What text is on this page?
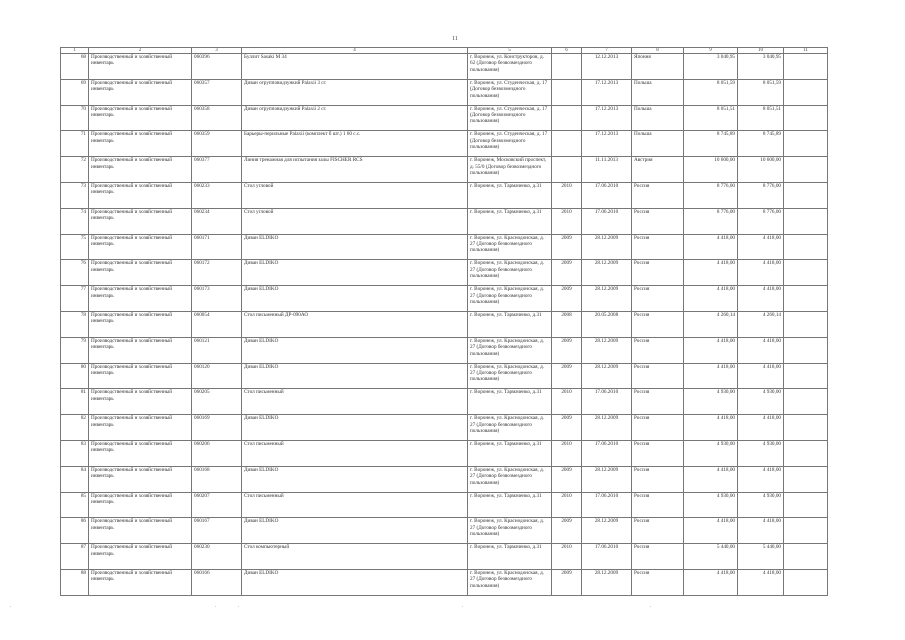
11
1	2	3	4	5	6	7	8	9	10	11
68	Производственный и хозяйственный инвентарь	060396	Буллит Sasaki M 34	г. Воронеж, ул. Конструкторов, д. 62 (Договор безвозмездного пользования)		12.12.2013	Япония	3 040,95	3 040,95	
69	Производственный и хозяйственный инвентарь	060357	Диван огрупповидзункий Palaxii 3 сг.	г. Воронеж, ул. Студенческая, д. 17 (Договор безвозмездного пользования)		17.12.2013	Польша	8 051,59	8 051,59	
70	Производственный и хозяйственный инвентарь	060358	Диван огрупповидзункий Palaxii 2 сг.	г. Воронеж, ул. Студенческая, д. 17 (Договор безвозмездного пользования)		17.12.2013	Польша	8 051,51	8 051,51	
71	Производственный и хозяйственный инвентарь	060359	Барьеры-перильные Palaxii (комплект б шт.) 1 60 с.с.	г. Воронеж, ул. Студенческая, д. 17 (Договор безвозмездного пользования)		17.12.2013	Польша	8 745,89	8 745,89	
72	Производственный и хозяйственный инвентарь	060377	Линия тренажная для испытания залы FISCHER RCS	г. Воронеж, Московский проспект, д. 55/0 (Договор безвозмездного пользования)		11.11.2013	Австрия	10 600,00	10 600,00	
73	Производственный и хозяйственный инвентарь	060233	Стол угловой	г. Воронеж, ул. Тармаченко, д.31	2010	17.06.2010	Россия	8 776,00	8 776,00	
74	Производственный и хозяйственный инвентарь	060234	Стол угловой	г. Воронеж, ул. Тармаченко, д.31	2010	17.06.2010	Россия	8 776,00	8 776,00	
75	Производственный и хозяйственный инвентарь	060171	Диван ELDIKO	г. Воронеж, ул. Краснодонская, д. 27 (Договор безвозмездного пользования)	2009	28.12.2009	Россия	4 418,00	4 418,00	
76	Производственный и хозяйственный инвентарь	060172	Диван ELDIKO	г. Воронеж, ул. Краснодонская, д. 27 (Договор безвозмездного пользования)	2009	28.12.2009	Россия	4 418,00	4 418,00	
77	Производственный и хозяйственный инвентарь	060173	Диван ELDIKO	г. Воронеж, ул. Краснодонская, д. 27 (Договор безвозмездного пользования)	2009	28.12.2009	Россия	4 418,00	4 418,00	
78	Производственный и хозяйственный инвентарь	060054	Стол письменный ДР-090АО	г. Воронеж, ул. Тармаченко, д.31	2008	20.05.2008	Россия	4 260,14	4 260,14	
79	Производственный и хозяйственный инвентарь	060121	Диван ELDIKO	г. Воронеж, ул. Краснодонская, д. 27 (Договор безвозмездного пользования)	2009	28.12.2009	Россия	4 418,00	4 418,00	
80	Производственный и хозяйственный инвентарь	060120	Диван ELDIKO	г. Воронеж, ул. Краснодонская, д. 27 (Договор безвозмездного пользования)	2009	28.12.2009	Россия	4 418,00	4 418,00	
81	Производственный и хозяйственный инвентарь	060205	Стол письменный	г. Воронеж, ул. Тармаченко, д.31	2010	17.06.2010	Россия	4 930,00	4 930,00	
82	Производственный и хозяйственный инвентарь	060169	Диван ELDIKO	г. Воронеж, ул. Краснодонская, д. 27 (Договор безвозмездного пользования)	2009	28.12.2009	Россия	4 418,00	4 418,00	
83	Производственный и хозяйственный инвентарь	060206	Стол письменный	г. Воронеж, ул. Тармаченко, д.31	2010	17.06.2010	Россия	4 930,00	4 930,00	
84	Производственный и хозяйственный инвентарь	060168	Диван ELDIKO	г. Воронеж, ул. Краснодонская, д. 27 (Договор безвозмездного пользования)	2009	28.12.2009	Россия	4 418,00	4 418,00	
85	Производственный и хозяйственный инвентарь	060207	Стол письменный	г. Воронеж, ул. Тармаченко, д.31	2010	17.06.2010	Россия	4 930,00	4 930,00	
86	Производственный и хозяйственный инвентарь	060167	Диван ELDIKO	г. Воронеж, ул. Краснодонская, д. 27 (Договор безвозмездного пользования)	2009	28.12.2009	Россия	4 418,00	4 418,00	
87	Производственный и хозяйственный инвентарь	060230	Стол компьютерный	г. Воронеж, ул. Тармаченко, д.31	2010	17.06.2010	Россия	5 440,00	5 440,00	
88	Производственный и хозяйственный инвентарь	060166	Диван ELDIKO	г. Воронеж, ул. Краснодонская, д. 27 (Договор безвозмездного пользования)	2009	28.12.2009	Россия	4 418,00	4 418,00	
.	.	.	.	.
